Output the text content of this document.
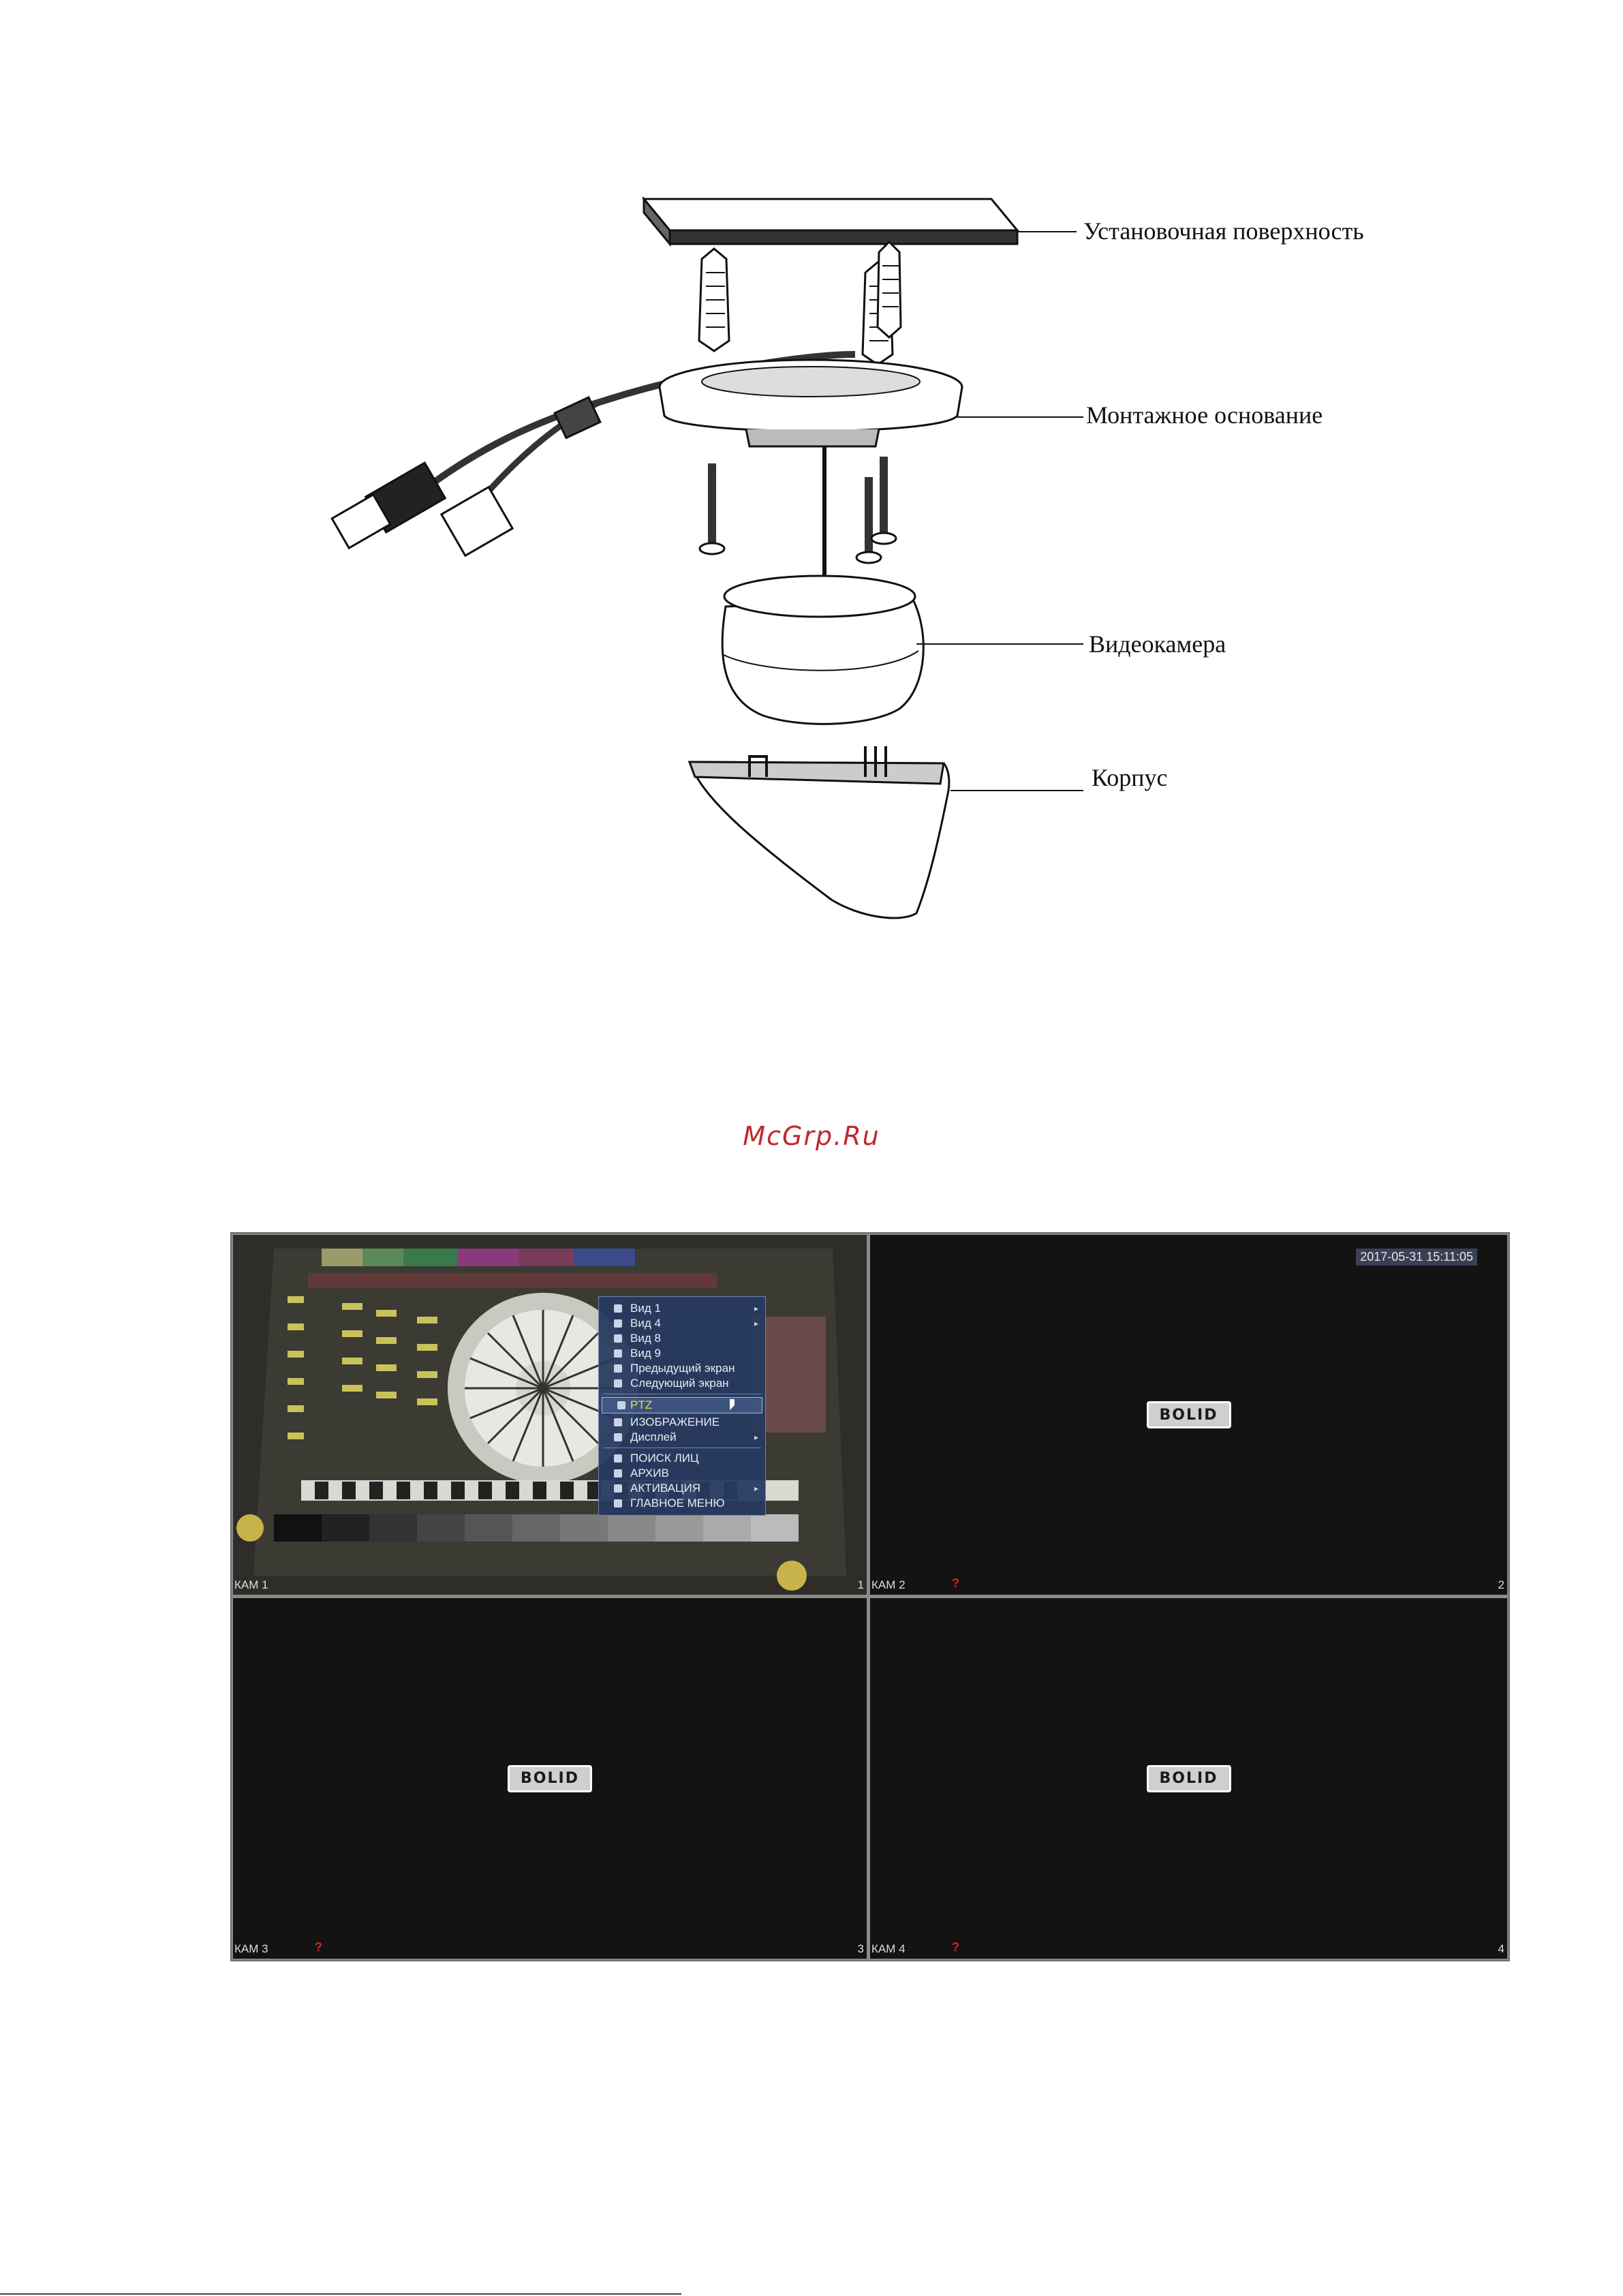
Установочная поверхность
Монтажное основание
Видеокамера
Корпус
McGrp.Ru
Вид 1	▸
Вид 4	▸
Вид 8
Вид 9
Предыдущий экран
Следующий экран
PTZ
ИЗОБРАЖЕНИЕ
Дисплей	▸
ПОИСК ЛИЦ
АРХИВ
АКТИВАЦИЯ	▸
ГЛАВНОЕ МЕНЮ
КАМ 1	1
2017-05-31 15:11:05
BOLID
КАМ 2	?	2
BOLID
КАМ 3	?	3
BOLID
КАМ 4	?	4
